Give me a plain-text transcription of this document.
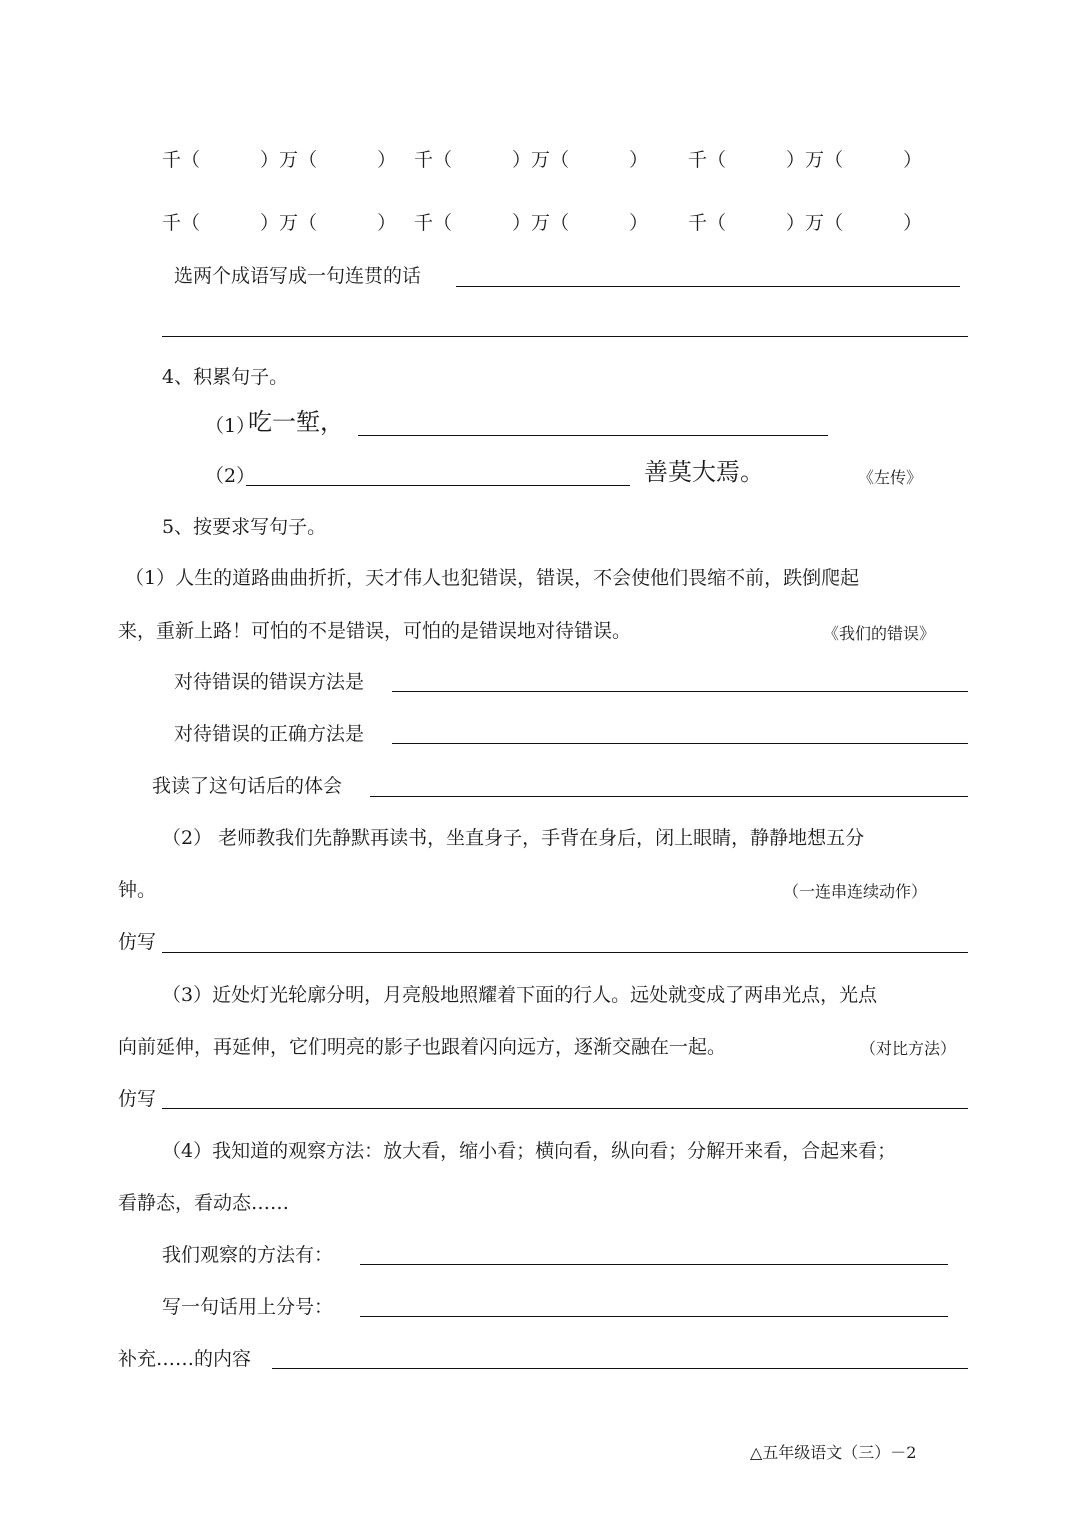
千（	）万（	） 千（	）万（	） 千（	）万（	）
千（	）万（	） 千（	）万（	） 千（	）万（	）
选两个成语写成一句连贯的话
4、积累句子。
（1）
吃一堑，
（2）	善莫大焉。	《左传》
5、按要求写句子。
（1）人生的道路曲曲折折，天才伟人也犯错误，错误，不会使他们畏缩不前，跌倒爬起
来，重新上路！可怕的不是错误，可怕的是错误地对待错误。	《我们的错误》
对待错误的错误方法是
对待错误的正确方法是
我读了这句话后的体会
（2） 老师教我们先静默再读书，坐直身子，手背在身后，闭上眼睛，静静地想五分
钟。	（一连串连续动作）
仿写
（3）近处灯光轮廓分明，月亮般地照耀着下面的行人。远处就变成了两串光点，光点
向前延伸，再延伸，它们明亮的影子也跟着闪向远方，逐渐交融在一起。	（对比方法）
仿写
（4）我知道的观察方法：放大看，缩小看；横向看，纵向看；分解开来看，合起来看；
看静态，看动态……
我们观察的方法有：
写一句话用上分号：
补充……的内容
△五年级语文（三）－2
